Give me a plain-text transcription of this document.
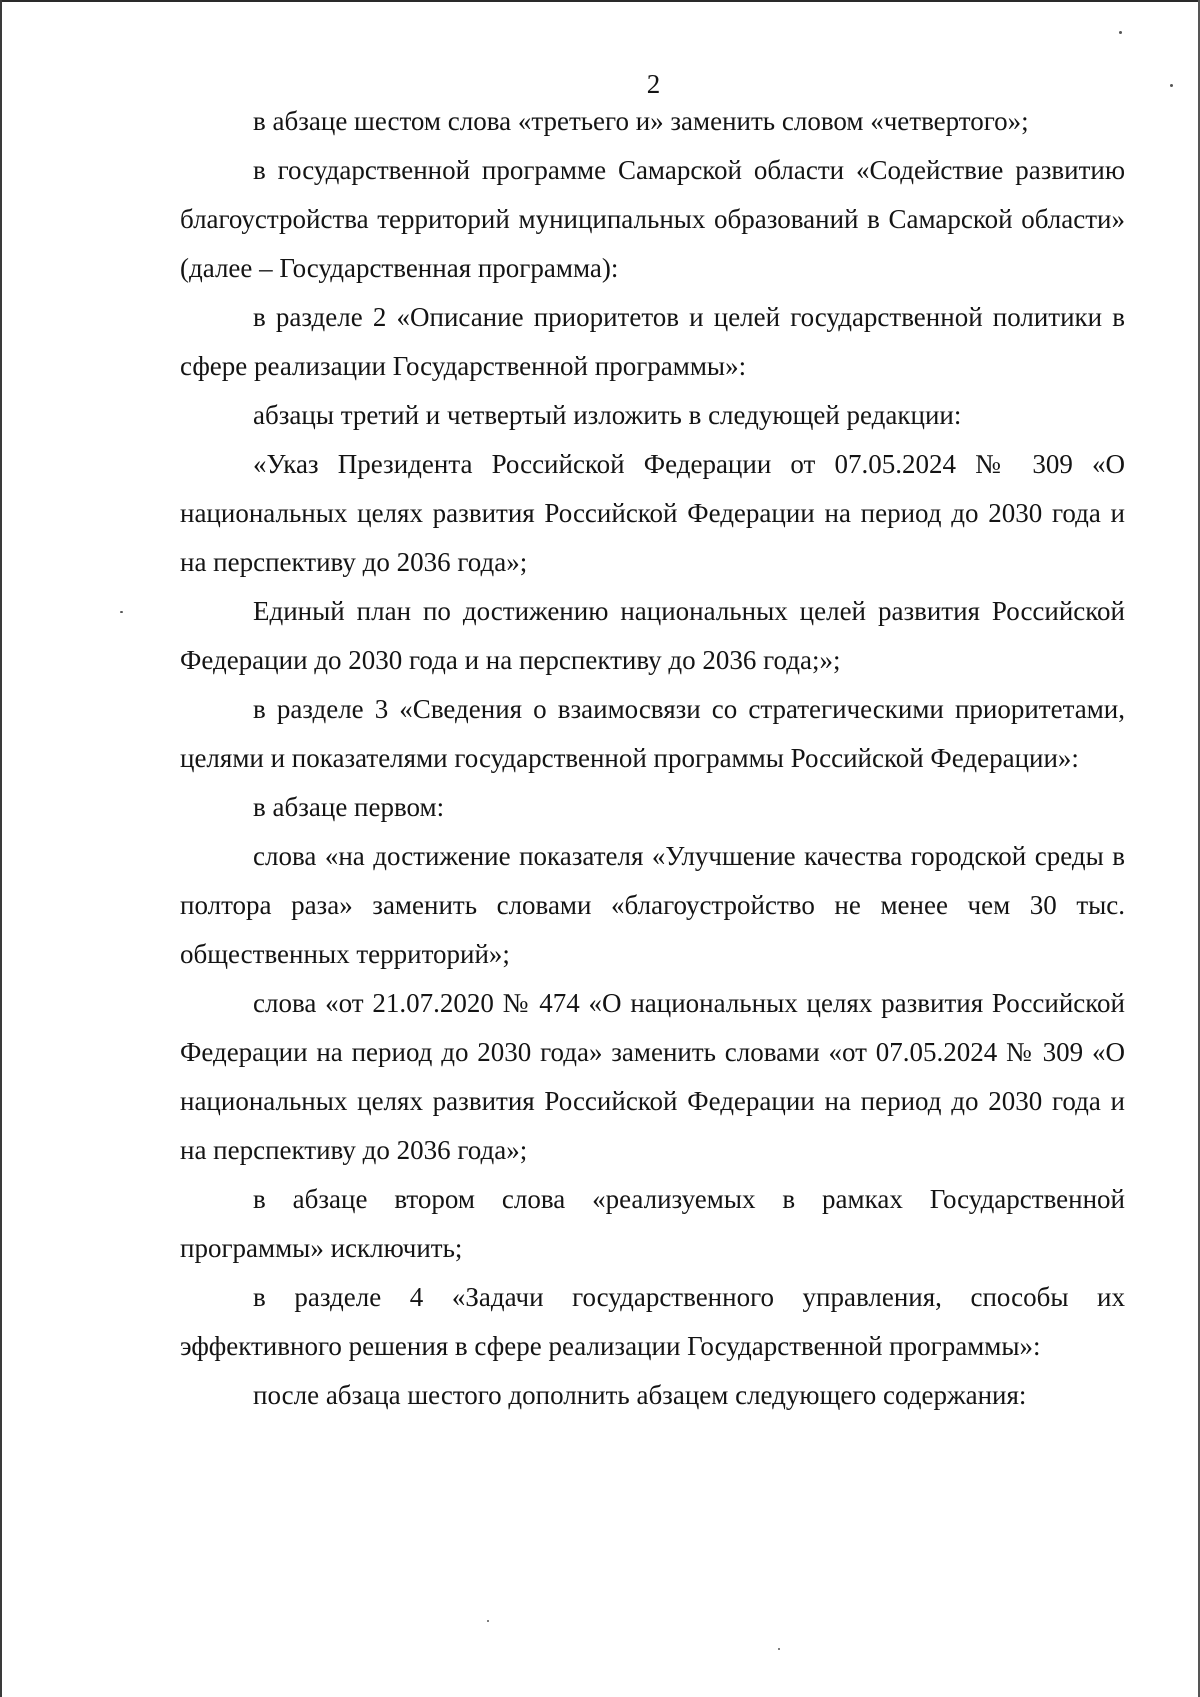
2

в абзаце шестом слова «третьего и» заменить словом «четвертого»;

в государственной программе Самарской области «Содействие развитию благоустройства территорий муниципальных образований в Самарской области» (далее – Государственная программа):

в разделе 2 «Описание приоритетов и целей государственной политики в сфере реализации Государственной программы»:

абзацы третий и четвертый изложить в следующей редакции:

«Указ Президента Российской Федерации от 07.05.2024 № 309 «О национальных целях развития Российской Федерации на период до 2030 года и на перспективу до 2036 года»;

Единый план по достижению национальных целей развития Российской Федерации до 2030 года и на перспективу до 2036 года;»;

в разделе 3 «Сведения о взаимосвязи со стратегическими приоритетами, целями и показателями государственной программы Российской Федерации»:

в абзаце первом:

слова «на достижение показателя «Улучшение качества городской среды в полтора раза» заменить словами «благоустройство не менее чем 30 тыс. общественных территорий»;

слова «от 21.07.2020 № 474 «О национальных целях развития Российской Федерации на период до 2030 года» заменить словами «от 07.05.2024 № 309 «О национальных целях развития Российской Федерации на период до 2030 года и на перспективу до 2036 года»;

в абзаце втором слова «реализуемых в рамках Государственной программы» исключить;

в разделе 4 «Задачи государственного управления, способы их эффективного решения в сфере реализации Государственной программы»:

после абзаца шестого дополнить абзацем следующего содержания:
